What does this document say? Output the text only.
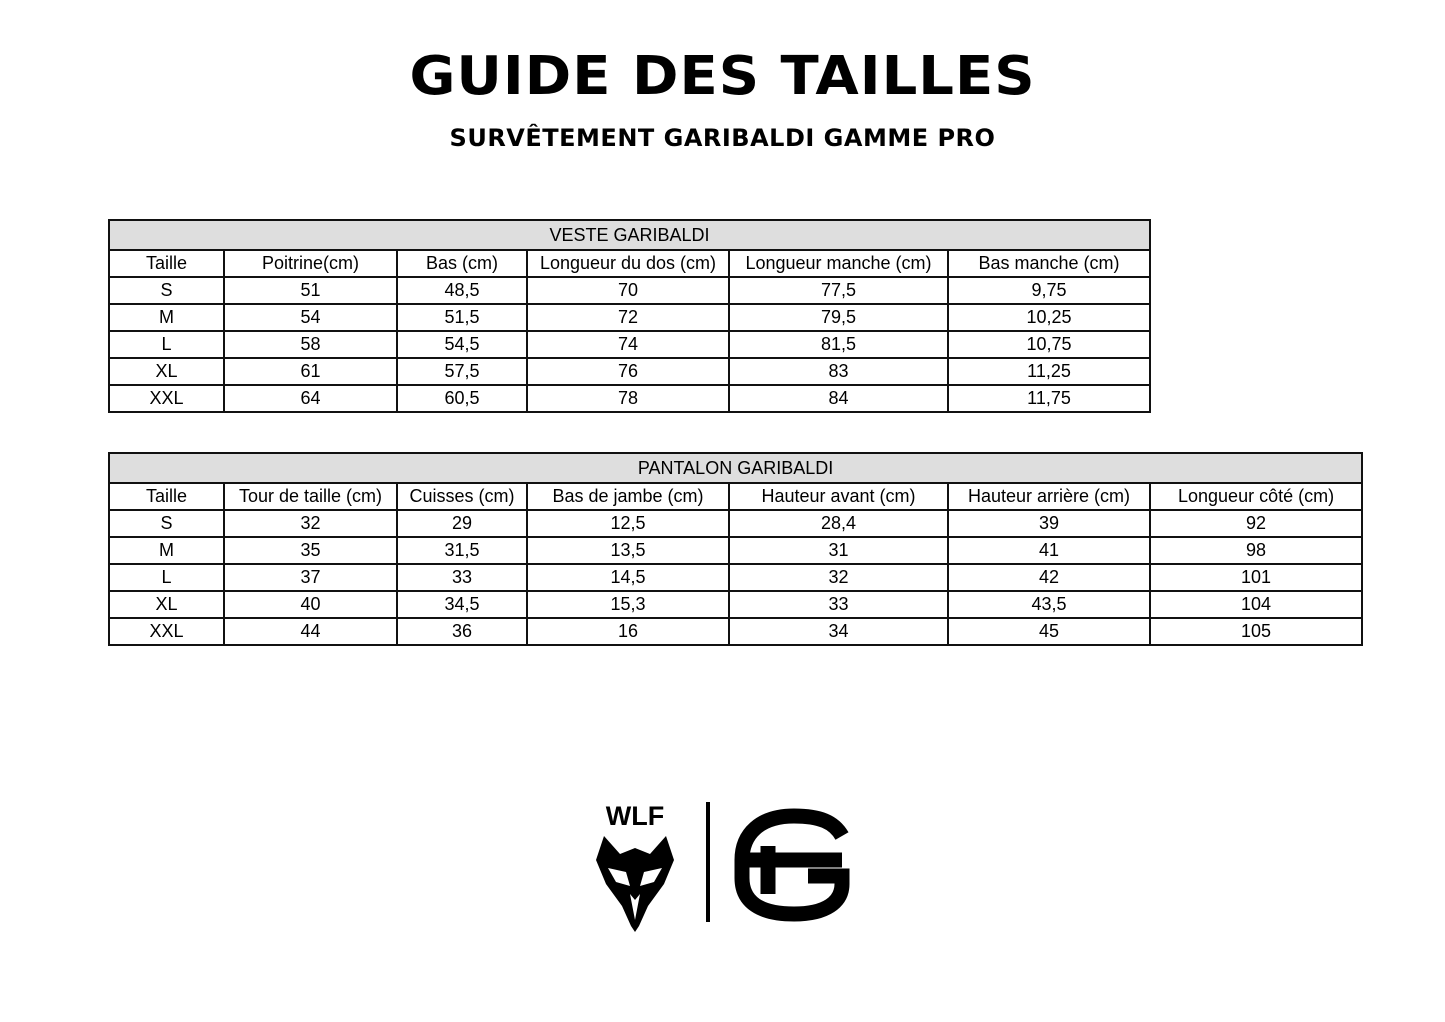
GUIDE DES TAILLES
SURVÊTEMENT GARIBALDI GAMME PRO
VESTE GARIBALDI					
Taille	Poitrine(cm)	Bas (cm)	Longueur du dos (cm)	Longueur manche (cm)	Bas manche (cm)
S	51	48,5	70	77,5	9,75
M	54	51,5	72	79,5	10,25
L	58	54,5	74	81,5	10,75
XL	61	57,5	76	83	11,25
XXL	64	60,5	78	84	11,75
PANTALON GARIBALDI						
Taille	Tour de taille (cm)	Cuisses (cm)	Bas de jambe (cm)	Hauteur avant (cm)	Hauteur arrière (cm)	Longueur côté (cm)
S	32	29	12,5	28,4	39	92
M	35	31,5	13,5	31	41	98
L	37	33	14,5	32	42	101
XL	40	34,5	15,3	33	43,5	104
XXL	44	36	16	34	45	105
WLF
